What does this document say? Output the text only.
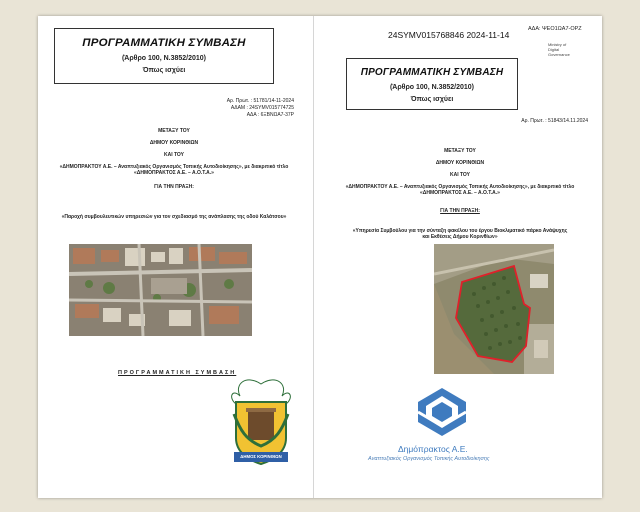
ΠΡΟΓΡΑΜΜΑΤΙΚΗ ΣΥΜΒΑΣΗ
(Άρθρο 100, Ν.3852/2010)
Όπως ισχύει
Αρ. Πρωτ. : 51781/14-11-2024
ΑΔΑΜ : 24SYMV015774725
ΑΔΑ : 6ΞΒΝΩΑ7-37Ρ
ΜΕΤΑΞΥ ΤΟΥ
ΔΗΜΟΥ ΚΟΡΙΝΘΙΩΝ
ΚΑΙ ΤΟΥ
«ΔΗΜΟΠΡΑΚΤΟΥ Α.Ε. – Αναπτυξιακός Οργανισμός Τοπικής Αυτοδιοίκησης», με διακριτικό τίτλο
«ΔΗΜΟΠΡΑΚΤΟΣ Α.Ε. – Α.Ο.Τ.Α.»
ΓΙΑ ΤΗΝ ΠΡΑΞΗ:
«Παροχή συμβουλευτικών υπηρεσιών για τον σχεδιασμό της ανάπλασης της οδού Καλάτσου»
ΠΡΟΓΡΑΜΜΑΤΙΚΗ ΣΥΜΒΑΣΗ
ΔΗΜΟΣ ΚΟΡΙΝΘΙΩΝ
24SYMV015768846 2024-11-14
ΑΔΑ: ΨΕΟ1ΩΑ7-ΟΡΖ
Ministry of
Digital
Governance
ΠΡΟΓΡΑΜΜΑΤΙΚΗ ΣΥΜΒΑΣΗ
(Άρθρο 100, Ν.3852/2010)
Όπως ισχύει
Αρ. Πρωτ. : 51843/14.11.2024
ΜΕΤΑΞΥ ΤΟΥ
ΔΗΜΟΥ ΚΟΡΙΝΘΙΩΝ
ΚΑΙ ΤΟΥ
«ΔΗΜΟΠΡΑΚΤΟΥ Α.Ε. – Αναπτυξιακός Οργανισμός Τοπικής Αυτοδιοίκησης», με διακριτικό τίτλο
«ΔΗΜΟΠΡΑΚΤΟΣ Α.Ε. – Α.Ο.Τ.Α.»
ΓΙΑ ΤΗΝ ΠΡΑΞΗ:
«Υπηρεσία Συμβούλου για την σύνταξη φακέλου του έργου Βιοκλιματικό πάρκο Ανάψυχης
και Εκθέσεις Δήμου Κορινθίων»
Δημόπρακτος Α.Ε.
Αναπτυξιακός Οργανισμός Τοπικής Αυτοδιοίκησης
